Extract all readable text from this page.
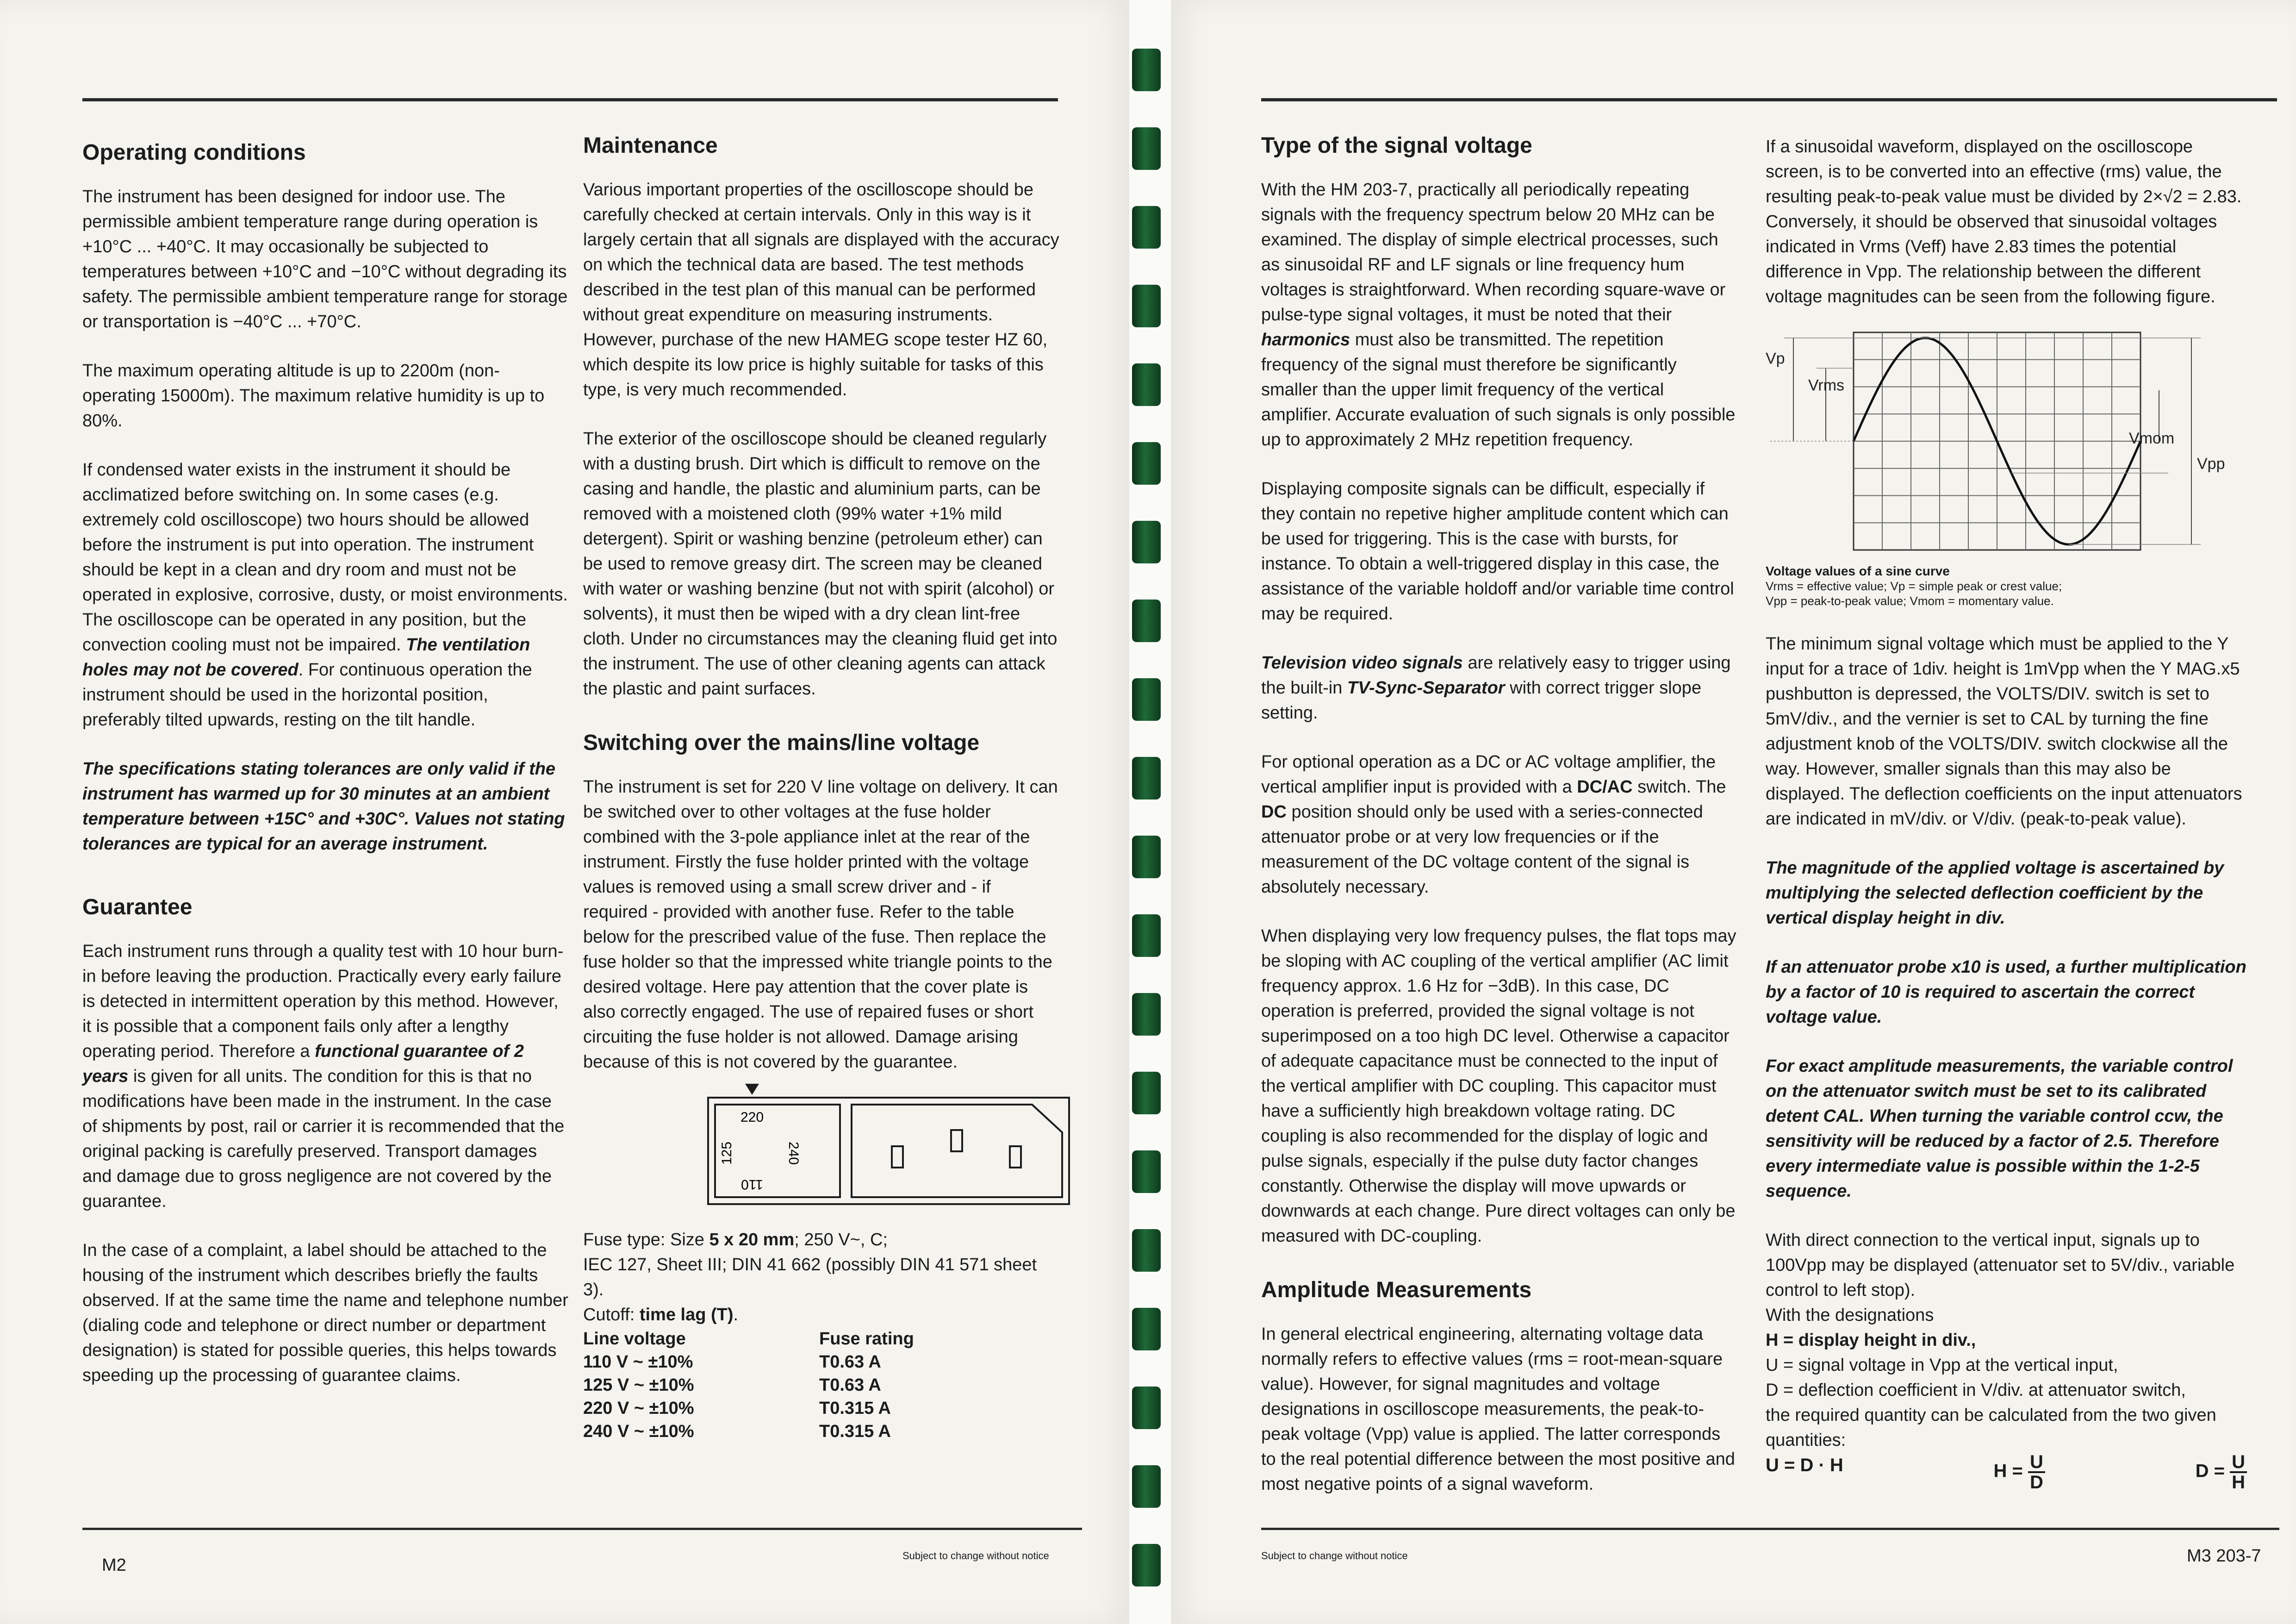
Operating conditions

The instrument has been designed for indoor use. The permissible ambient temperature range during operation is +10°C ... +40°C. It may occasionally be subjected to temperatures between +10°C and −10°C without degrading its safety. The permissible ambient temperature range for storage or transportation is −40°C ... +70°C.

The maximum operating altitude is up to 2200m (non-operating 15000m). The maximum relative humidity is up to 80%.

If condensed water exists in the instrument it should be acclimatized before switching on. In some cases (e.g. extremely cold oscilloscope) two hours should be allowed before the instrument is put into operation. The instrument should be kept in a clean and dry room and must not be operated in explosive, corrosive, dusty, or moist environments. The oscilloscope can be operated in any position, but the convection cooling must not be impaired. The ventilation holes may not be covered. For continuous operation the instrument should be used in the horizontal position, preferably tilted upwards, resting on the tilt handle.

The specifications stating tolerances are only valid if the instrument has warmed up for 30 minutes at an ambient temperature between +15C° and +30C°. Values not stating tolerances are typical for an average instrument.

Guarantee

Each instrument runs through a quality test with 10 hour burn-in before leaving the production. Practically every early failure is detected in intermittent operation by this method. However, it is possible that a component fails only after a lengthy operating period. Therefore a functional guarantee of 2 years is given for all units. The condition for this is that no modifications have been made in the instrument. In the case of shipments by post, rail or carrier it is recommended that the original packing is carefully preserved. Transport damages and damage due to gross negligence are not covered by the guarantee.

In the case of a complaint, a label should be attached to the housing of the instrument which describes briefly the faults observed. If at the same time the name and telephone number (dialing code and telephone or direct number or department designation) is stated for possible queries, this helps towards speeding up the processing of guarantee claims.

Maintenance

Various important properties of the oscilloscope should be carefully checked at certain intervals. Only in this way is it largely certain that all signals are displayed with the accuracy on which the technical data are based. The test methods described in the test plan of this manual can be performed without great expenditure on measuring instruments. However, purchase of the new HAMEG scope tester HZ 60, which despite its low price is highly suitable for tasks of this type, is very much recommended.

The exterior of the oscilloscope should be cleaned regularly with a dusting brush. Dirt which is difficult to remove on the casing and handle, the plastic and aluminium parts, can be removed with a moistened cloth (99% water +1% mild detergent). Spirit or washing benzine (petroleum ether) can be used to remove greasy dirt. The screen may be cleaned with water or washing benzine (but not with spirit (alcohol) or solvents), it must then be wiped with a dry clean lint-free cloth. Under no circumstances may the cleaning fluid get into the instrument. The use of other cleaning agents can attack the plastic and paint surfaces.

Switching over the mains/line voltage

The instrument is set for 220 V line voltage on delivery. It can be switched over to other voltages at the fuse holder combined with the 3-pole appliance inlet at the rear of the instrument. Firstly the fuse holder printed with the voltage values is removed using a small screw driver and - if required - provided with another fuse. Refer to the table below for the prescribed value of the fuse. Then replace the fuse holder so that the impressed white triangle points to the desired voltage. Here pay attention that the cover plate is also correctly engaged. The use of repaired fuses or short circuiting the fuse holder is not allowed. Damage arising because of this is not covered by the guarantee.

220
125	240
110
Fuse type: Size 5 x 20 mm; 250 V~, C;
IEC 127, Sheet III; DIN 41 662 (possibly DIN 41 571 sheet 3).
Cutoff: time lag (T).
Line voltage	Fuse rating
110 V ~ ±10%	T0.63 A
125 V ~ ±10%	T0.63 A
220 V ~ ±10%	T0.315 A
240 V ~ ±10%	T0.315 A
M2	Subject to change without notice
Type of the signal voltage

With the HM 203-7, practically all periodically repeating signals with the frequency spectrum below 20 MHz can be examined. The display of simple electrical processes, such as sinusoidal RF and LF signals or line frequency hum voltages is straightforward. When recording square-wave or pulse-type signal voltages, it must be noted that their harmonics must also be transmitted. The repetition frequency of the signal must therefore be significantly smaller than the upper limit frequency of the vertical amplifier. Accurate evaluation of such signals is only possible up to approximately 2 MHz repetition frequency.

Displaying composite signals can be difficult, especially if they contain no repetive higher amplitude content which can be used for triggering. This is the case with bursts, for instance. To obtain a well-triggered display in this case, the assistance of the variable holdoff and/or variable time control may be required.

Television video signals are relatively easy to trigger using the built-in TV-Sync-Separator with correct trigger slope setting.

For optional operation as a DC or AC voltage amplifier, the vertical amplifier input is provided with a DC/AC switch. The DC position should only be used with a series-connected attenuator probe or at very low frequencies or if the measurement of the DC voltage content of the signal is absolutely necessary.

When displaying very low frequency pulses, the flat tops may be sloping with AC coupling of the vertical amplifier (AC limit frequency approx. 1.6 Hz for −3dB). In this case, DC operation is preferred, provided the signal voltage is not superimposed on a too high DC level. Otherwise a capacitor of adequate capacitance must be connected to the input of the vertical amplifier with DC coupling. This capacitor must have a sufficiently high breakdown voltage rating. DC coupling is also recommended for the display of logic and pulse signals, especially if the pulse duty factor changes constantly. Otherwise the display will move upwards or downwards at each change. Pure direct voltages can only be measured with DC-coupling.

Amplitude Measurements

In general electrical engineering, alternating voltage data normally refers to effective values (rms = root-mean-square value). However, for signal magnitudes and voltage designations in oscilloscope measurements, the peak-to-peak voltage (Vpp) value is applied. The latter corresponds to the real potential difference between the most positive and most negative points of a signal waveform.

If a sinusoidal waveform, displayed on the oscilloscope screen, is to be converted into an effective (rms) value, the resulting peak-to-peak value must be divided by 2×√2 = 2.83. Conversely, it should be observed that sinusoidal voltages indicated in Vrms (Veff) have 2.83 times the potential difference in Vpp. The relationship between the different voltage magnitudes can be seen from the following figure.

Vp
Vrms
Vmom
Vpp
Voltage values of a sine curve
Vrms = effective value; Vp = simple peak or crest value;
Vpp = peak-to-peak value; Vmom = momentary value.

The minimum signal voltage which must be applied to the Y input for a trace of 1div. height is 1mVpp when the Y MAG.x5 pushbutton is depressed, the VOLTS/DIV. switch is set to 5mV/div., and the vernier is set to CAL by turning the fine adjustment knob of the VOLTS/DIV. switch clockwise all the way. However, smaller signals than this may also be displayed. The deflection coefficients on the input attenuators are indicated in mV/div. or V/div. (peak-to-peak value).

The magnitude of the applied voltage is ascertained by multiplying the selected deflection coefficient by the vertical display height in div.

If an attenuator probe x10 is used, a further multiplication by a factor of 10 is required to ascertain the correct voltage value.

For exact amplitude measurements, the variable control on the attenuator switch must be set to its calibrated detent CAL. When turning the variable control ccw, the sensitivity will be reduced by a factor of 2.5. Therefore every intermediate value is possible within the 1-2-5 sequence.

With direct connection to the vertical input, signals up to 100Vpp may be displayed (attenuator set to 5V/div., variable control to left stop).

With the designations
H = display height in div.,
U = signal voltage in Vpp at the vertical input,
D = deflection coefficient in V/div. at attenuator switch,
the required quantity can be calculated from the two given quantities:
U = D · H	$H = \frac{U}{D}$	$D = \frac{U}{H}$
Subject to change without notice	M3 203-7
